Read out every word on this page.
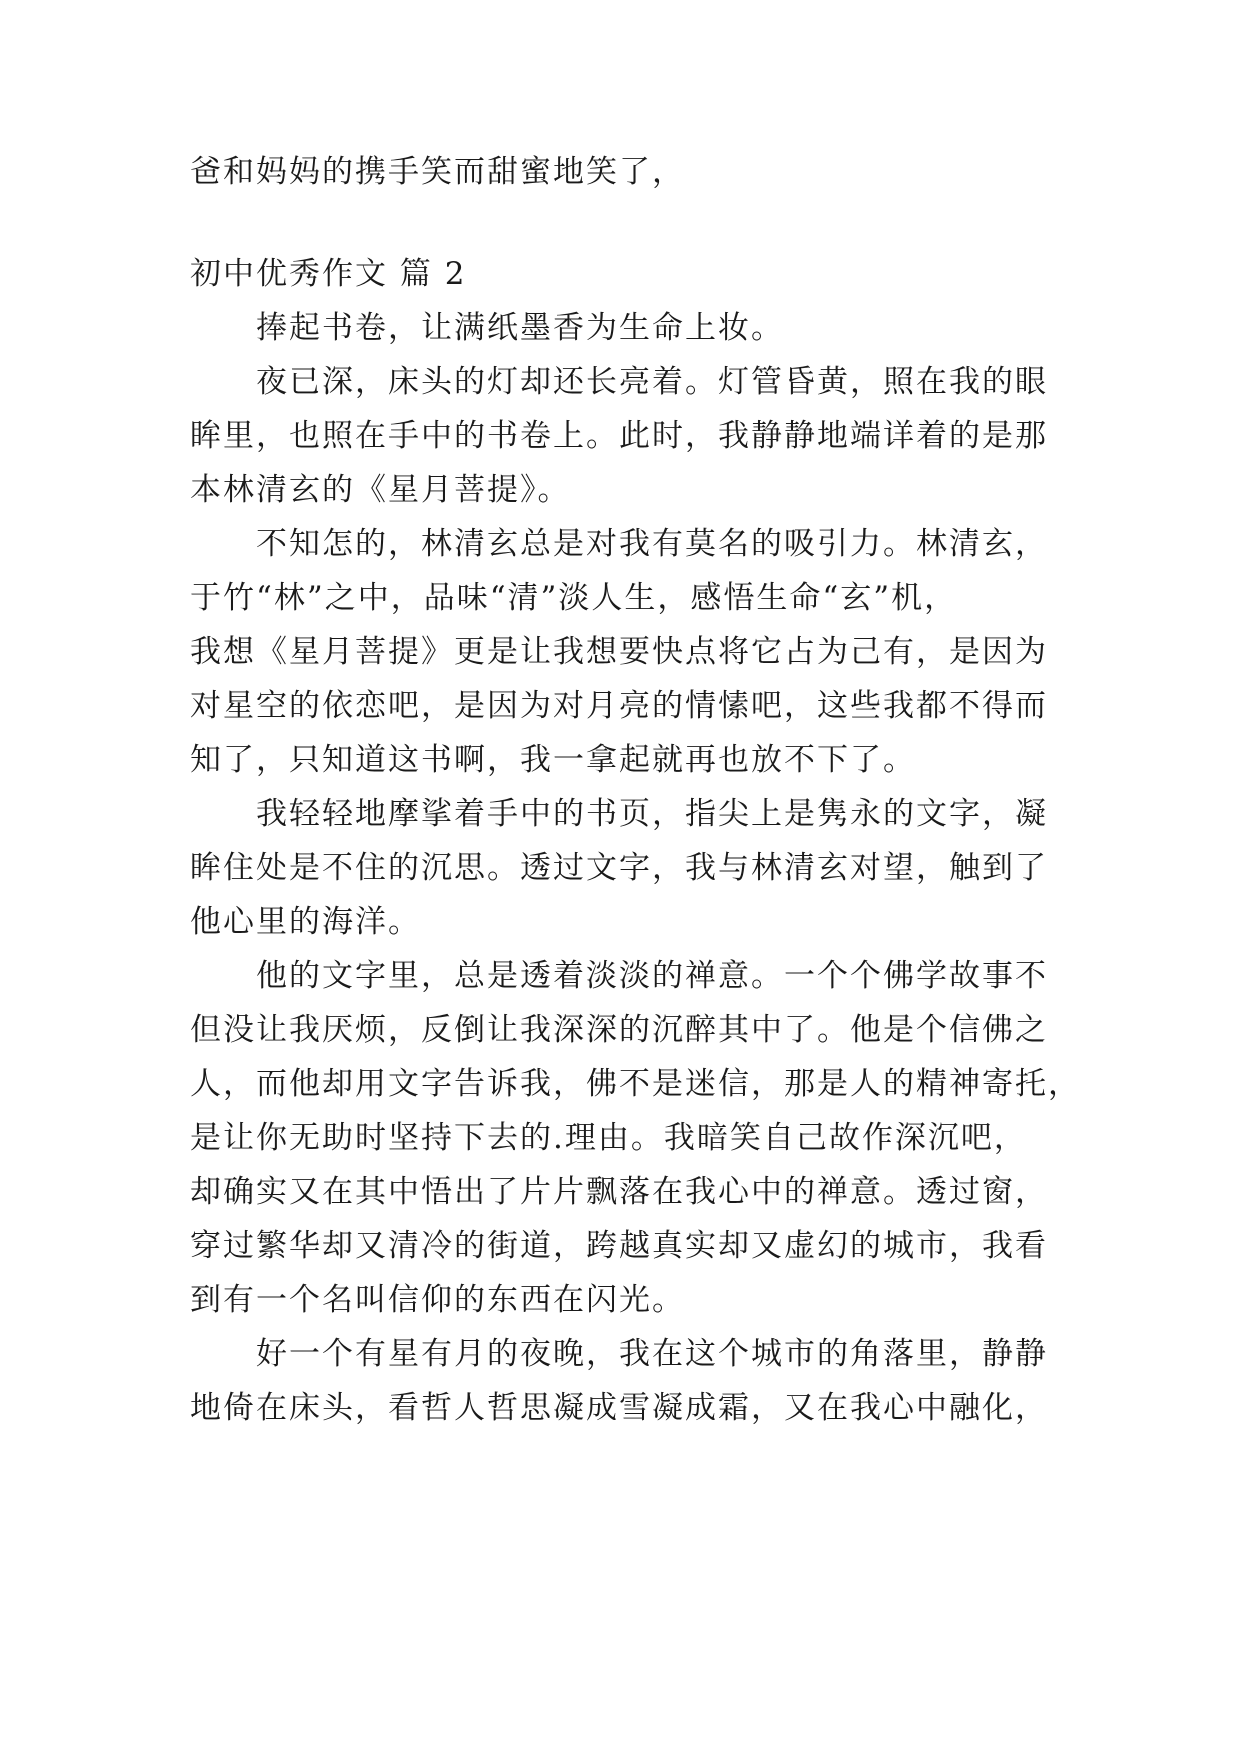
爸和妈妈的携手笑而甜蜜地笑了，
初中优秀作文 篇 2
捧起书卷，让满纸墨香为生命上妆。
夜已深，床头的灯却还长亮着。灯管昏黄，照在我的眼
眸里，也照在手中的书卷上。此时，我静静地端详着的是那
本林清玄的《星月菩提》。
不知怎的，林清玄总是对我有莫名的吸引力。林清玄，
于竹“林”之中，品味“清”淡人生，感悟生命“玄”机，
我想《星月菩提》更是让我想要快点将它占为己有，是因为
对星空的依恋吧，是因为对月亮的情愫吧，这些我都不得而
知了，只知道这书啊，我一拿起就再也放不下了。
我轻轻地摩挲着手中的书页，指尖上是隽永的文字，凝
眸住处是不住的沉思。透过文字，我与林清玄对望，触到了
他心里的海洋。
他的文字里，总是透着淡淡的禅意。一个个佛学故事不
但没让我厌烦，反倒让我深深的沉醉其中了。他是个信佛之
人，而他却用文字告诉我，佛不是迷信，那是人的精神寄托，
是让你无助时坚持下去的.理由。我暗笑自己故作深沉吧，
却确实又在其中悟出了片片飘落在我心中的禅意。透过窗，
穿过繁华却又清冷的街道，跨越真实却又虚幻的城市，我看
到有一个名叫信仰的东西在闪光。
好一个有星有月的夜晚，我在这个城市的角落里，静静
地倚在床头，看哲人哲思凝成雪凝成霜，又在我心中融化，
